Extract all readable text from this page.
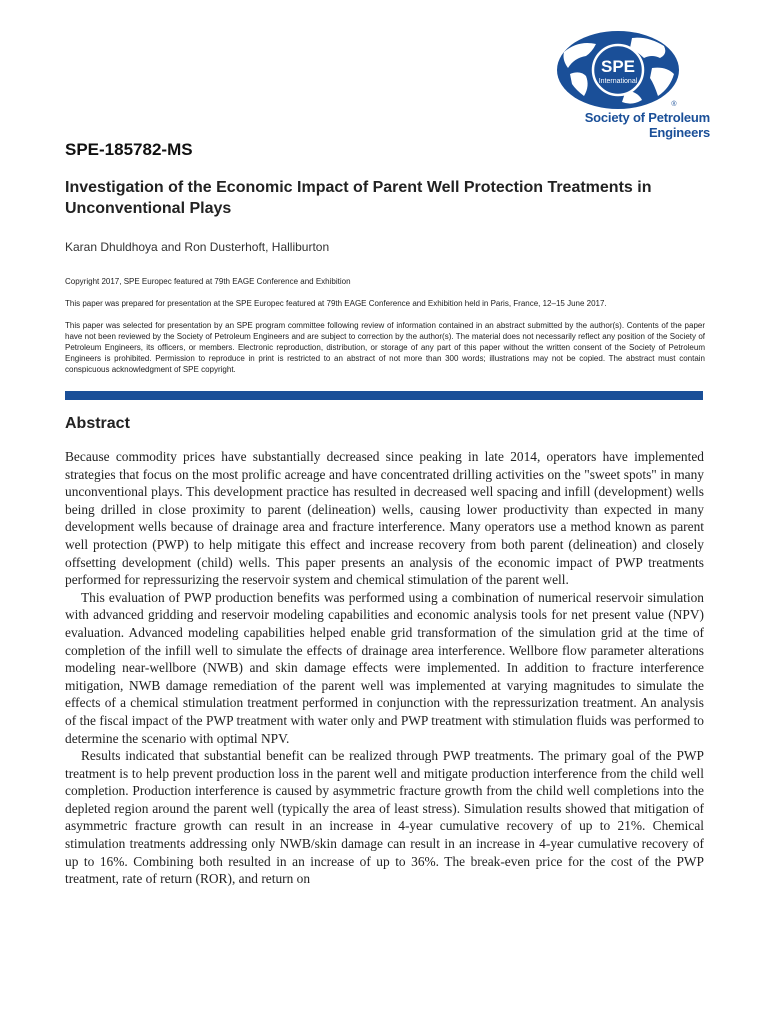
SPE
International
®
Society of Petroleum Engineers
SPE-185782-MS
Investigation of the Economic Impact of Parent Well Protection Treatments in Unconventional Plays
Karan Dhuldhoya and Ron Dusterhoft, Halliburton

Copyright 2017, SPE Europec featured at 79th EAGE Conference and Exhibition

This paper was prepared for presentation at the SPE Europec featured at 79th EAGE Conference and Exhibition held in Paris, France, 12–15 June 2017.

This paper was selected for presentation by an SPE program committee following review of information contained in an abstract submitted by the author(s). Contents of the paper have not been reviewed by the Society of Petroleum Engineers and are subject to correction by the author(s). The material does not necessarily reflect any position of the Society of Petroleum Engineers, its officers, or members. Electronic reproduction, distribution, or storage of any part of this paper without the written consent of the Society of Petroleum Engineers is prohibited. Permission to reproduce in print is restricted to an abstract of not more than 300 words; illustrations may not be copied. The abstract must contain conspicuous acknowledgment of SPE copyright.

Abstract

Because commodity prices have substantially decreased since peaking in late 2014, operators have implemented strategies that focus on the most prolific acreage and have concentrated drilling activities on the "sweet spots" in many unconventional plays. This development practice has resulted in decreased well spacing and infill (development) wells being drilled in close proximity to parent (delineation) wells, causing lower productivity than expected in many development wells because of drainage area and fracture interference. Many operators use a method known as parent well protection (PWP) to help mitigate this effect and increase recovery from both parent (delineation) and closely offsetting development (child) wells. This paper presents an analysis of the economic impact of PWP treatments performed for repressurizing the reservoir system and chemical stimulation of the parent well.

This evaluation of PWP production benefits was performed using a combination of numerical reservoir simulation with advanced gridding and reservoir modeling capabilities and economic analysis tools for net present value (NPV) evaluation. Advanced modeling capabilities helped enable grid transformation of the simulation grid at the time of completion of the infill well to simulate the effects of drainage area interference. Wellbore flow parameter alterations modeling near-wellbore (NWB) and skin damage effects were implemented. In addition to fracture interference mitigation, NWB damage remediation of the parent well was implemented at varying magnitudes to simulate the effects of a chemical stimulation treatment performed in conjunction with the repressurization treatment. An analysis of the fiscal impact of the PWP treatment with water only and PWP treatment with stimulation fluids was performed to determine the scenario with optimal NPV.

Results indicated that substantial benefit can be realized through PWP treatments. The primary goal of the PWP treatment is to help prevent production loss in the parent well and mitigate production interference from the child well completion. Production interference is caused by asymmetric fracture growth from the child well completions into the depleted region around the parent well (typically the area of least stress). Simulation results showed that mitigation of asymmetric fracture growth can result in an increase in 4-year cumulative recovery of up to 21%. Chemical stimulation treatments addressing only NWB/skin damage can result in an increase in 4-year cumulative recovery of up to 16%. Combining both resulted in an increase of up to 36%. The break-even price for the cost of the PWP treatment, rate of return (ROR), and return on
